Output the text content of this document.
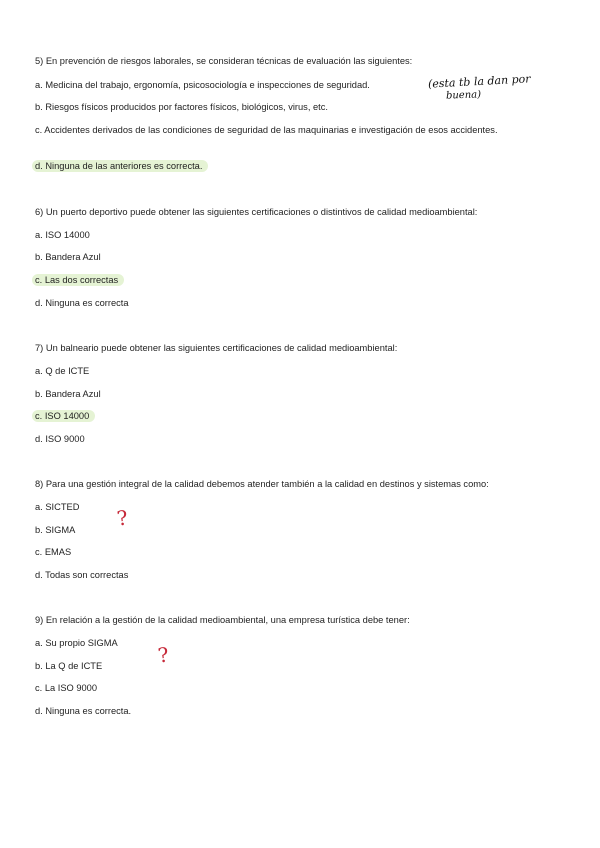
5) En prevención de riesgos laborales, se consideran técnicas de evaluación las siguientes:
a. Medicina del trabajo, ergonomía, psicosociología e inspecciones de seguridad.
b. Riesgos físicos producidos por factores físicos, biológicos, virus, etc.
c. Accidentes derivados de las condiciones de seguridad de las maquinarias e investigación de esos accidentes.
d. Ninguna de las anteriores es correcta.
6) Un puerto deportivo puede obtener las siguientes certificaciones o distintivos de calidad medioambiental:
a. ISO 14000
b. Bandera Azul
c. Las dos correctas
d. Ninguna es correcta
7) Un balneario puede obtener las siguientes certificaciones de calidad medioambiental:
a. Q de ICTE
b. Bandera Azul
c. ISO 14000
d. ISO 9000
8) Para una gestión integral de la calidad debemos atender también a la calidad en destinos y sistemas como:
a. SICTED
b. SIGMA
c. EMAS
d. Todas son correctas
9) En relación a la gestión de la calidad medioambiental, una empresa turística debe tener:
a. Su propio SIGMA
b. La Q de ICTE
c. La ISO 9000
d. Ninguna es correcta.
(esta tb la dan por
buena)
?
?
